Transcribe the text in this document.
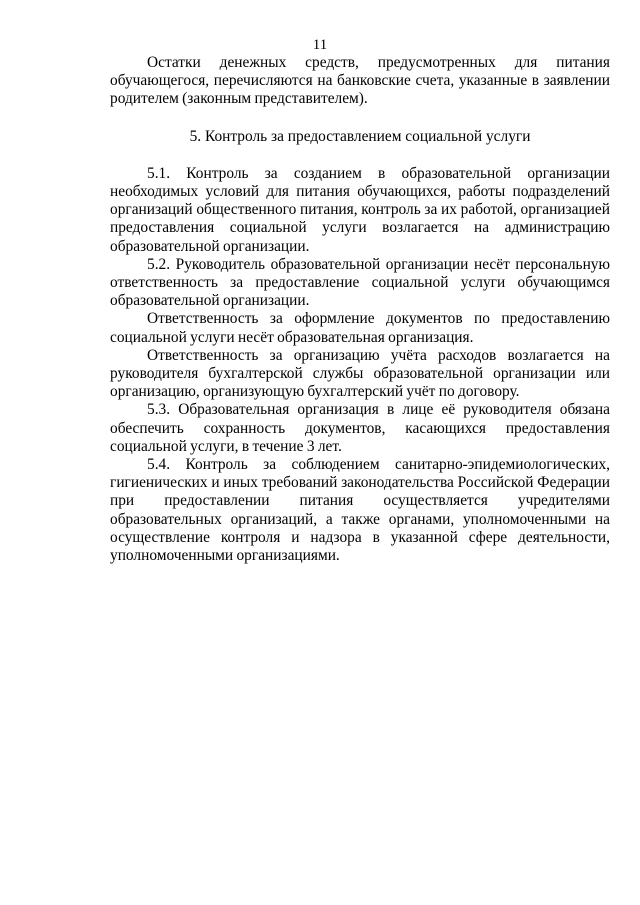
11

Остатки денежных средств, предусмотренных для питания обучающегося, перечисляются на банковские счета, указанные в заявлении родителем (законным представителем).

5. Контроль за предоставлением социальной услуги

5.1. Контроль за созданием в образовательной организации необходимых условий для питания обучающихся, работы подразделений организаций общественного питания, контроль за их работой, организацией предоставления социальной услуги возлагается на администрацию образовательной организации.

5.2. Руководитель образовательной организации несёт персональную ответственность за предоставление социальной услуги обучающимся образовательной организации.

Ответственность за оформление документов по предоставлению социальной услуги несёт образовательная организация.

Ответственность за организацию учёта расходов возлагается на руководителя бухгалтерской службы образовательной организации или организацию, организующую бухгалтерский учёт по договору.

5.3. Образовательная организация в лице её руководителя обязана обеспечить сохранность документов, касающихся предоставления социальной услуги, в течение 3 лет.

5.4. Контроль за соблюдением санитарно-эпидемиологических, гигиенических и иных требований законодательства Российской Федерации при предоставлении питания осуществляется учредителями образовательных организаций, а также органами, уполномоченными на осуществление контроля и надзора в указанной сфере деятельности, уполномоченными организациями.
